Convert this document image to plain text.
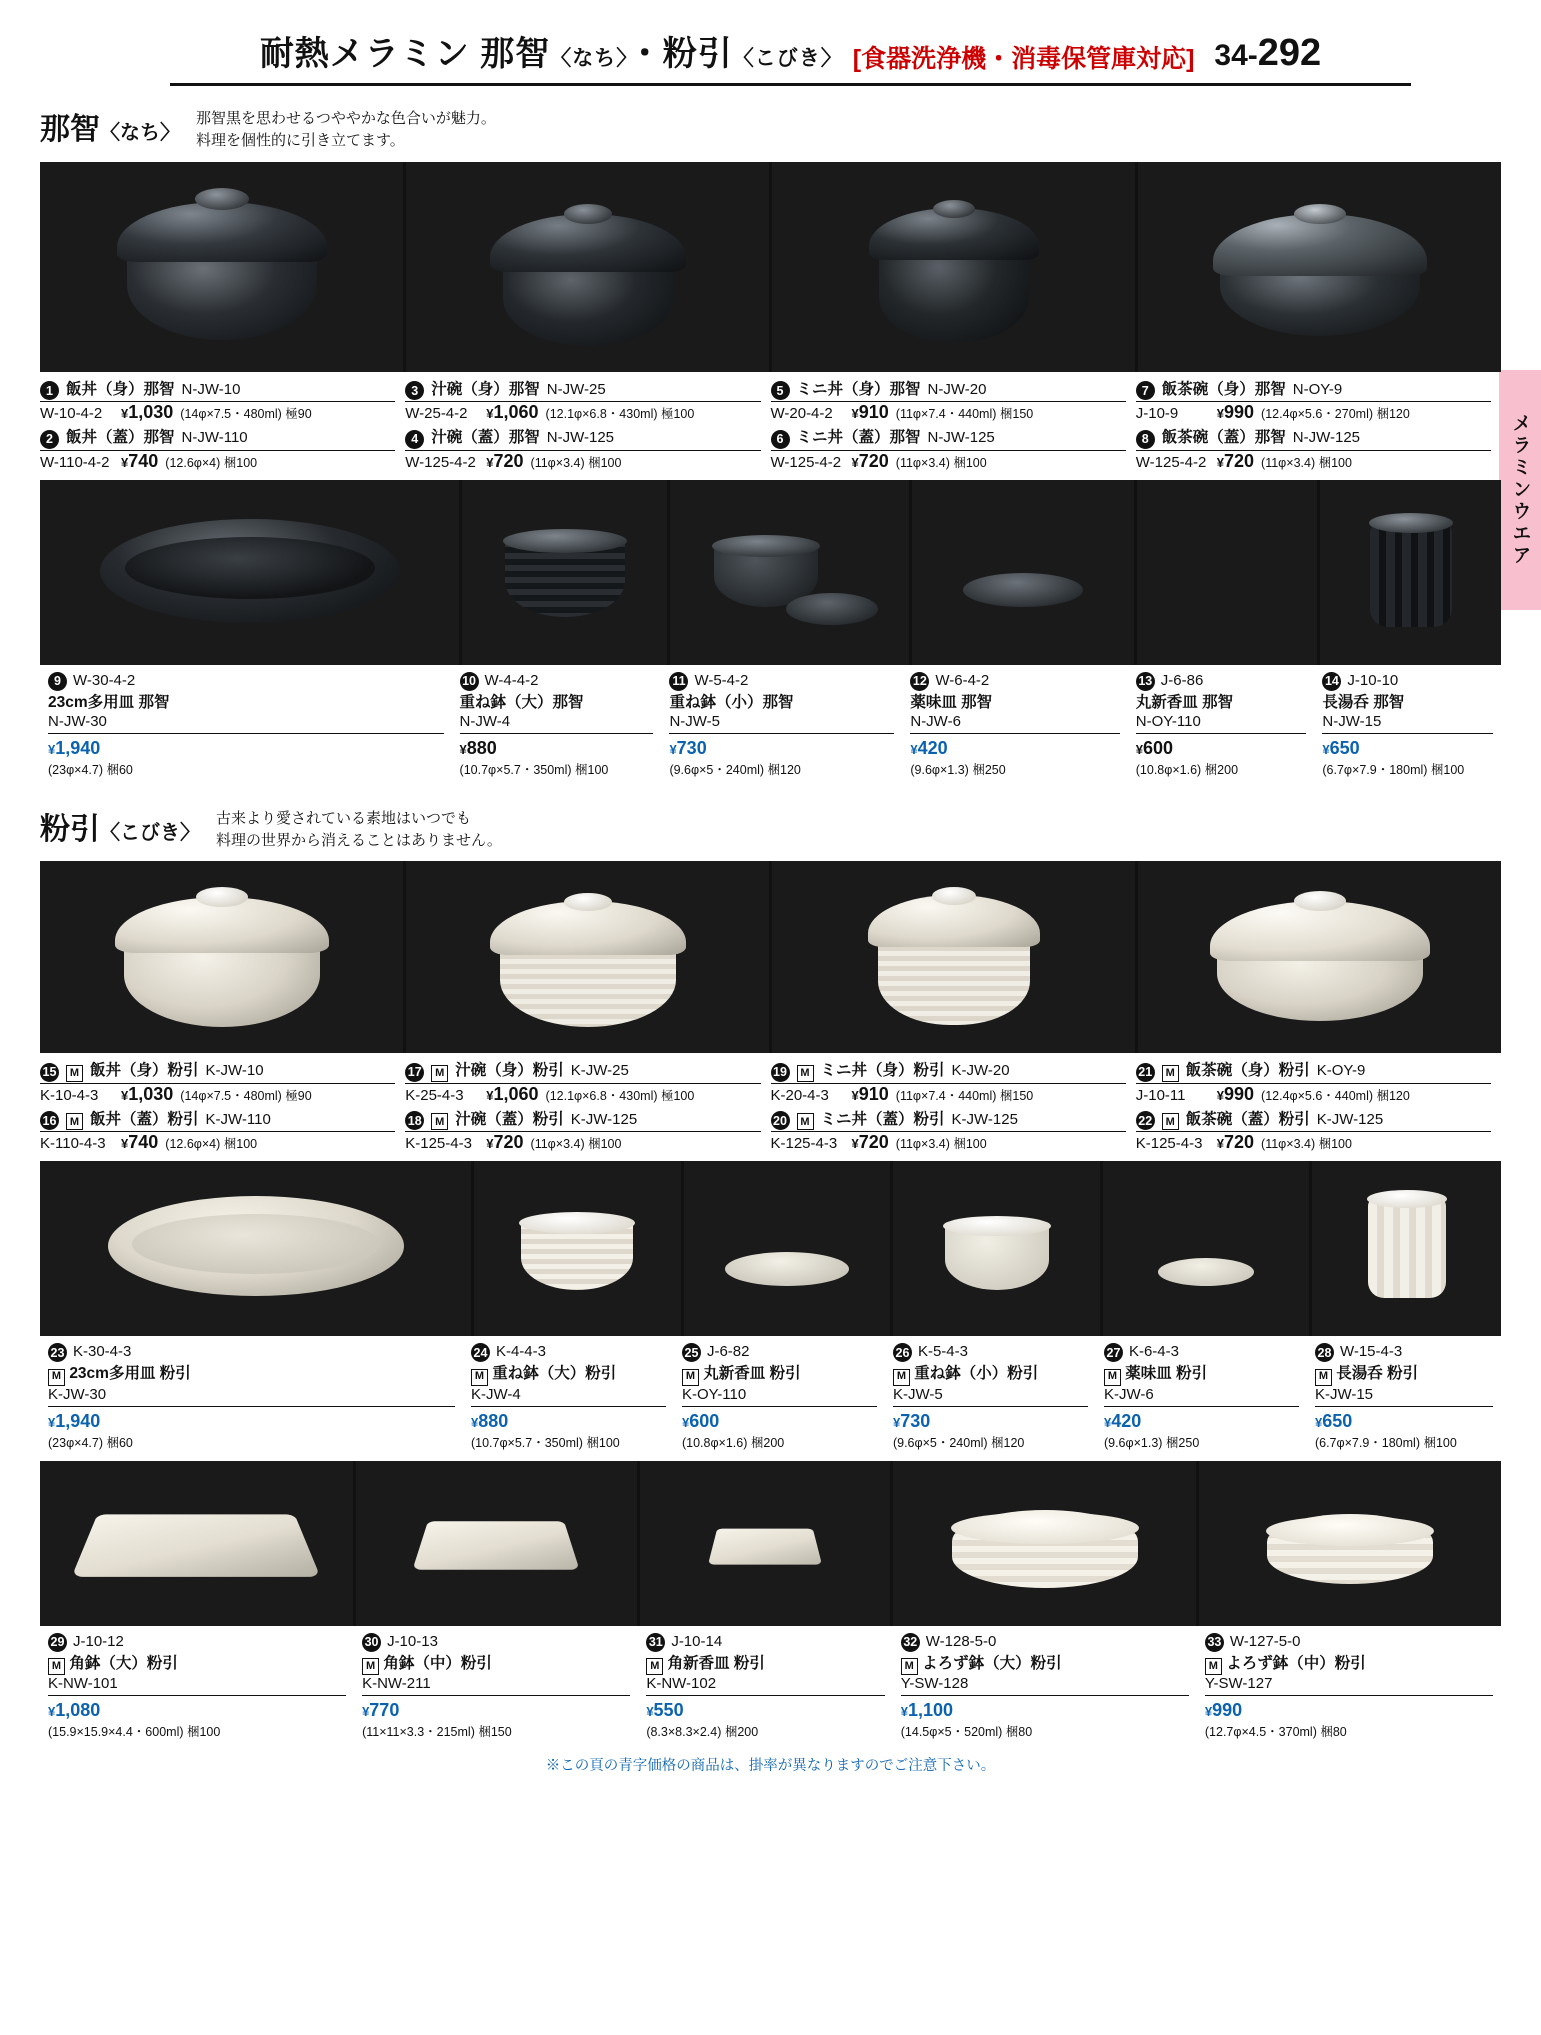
耐熱メラミン 那智〈なち〉・粉引〈こびき〉 [食器洗浄機・消毒保管庫対応] 34-292
メラミンウエア
那智〈なち〉
那智黒を思わせるつややかな色合いが魅力。
料理を個性的に引き立てます。
1 飯丼（身）那智 N-JW-10
W-10-4-2	¥1,030 (14φ×7.5・480ml) 極90
2 飯丼（蓋）那智 N-JW-110
W-110-4-2 ¥740 (12.6φ×4) 梱100
3 汁碗（身）那智 N-JW-25
W-25-4-2	¥1,060 (12.1φ×6.8・430ml) 極100
4 汁碗（蓋）那智 N-JW-125
W-125-4-2 ¥720 (11φ×3.4) 梱100
5 ミニ丼（身）那智 N-JW-20
W-20-4-2	¥910 (11φ×7.4・440ml) 梱150
6 ミニ丼（蓋）那智 N-JW-125
W-125-4-2 ¥720 (11φ×3.4) 梱100
7 飯茶碗（身）那智 N-OY-9
J-10-9	¥990 (12.4φ×5.6・270ml) 梱120
8 飯茶碗（蓋）那智 N-JW-125
W-125-4-2 ¥720 (11φ×3.4) 梱100
9 W-30-4-2
23cm多用皿 那智
N-JW-30
¥1,940
(23φ×4.7) 梱60
10 W-4-4-2
重ね鉢（大）那智
N-JW-4
¥880
(10.7φ×5.7・350ml) 梱100
11 W-5-4-2
重ね鉢（小）那智
N-JW-5
¥730
(9.6φ×5・240ml) 梱120
12 W-6-4-2
薬味皿 那智
N-JW-6
¥420
(9.6φ×1.3) 梱250
13 J-6-86
丸新香皿 那智
N-OY-110
¥600
(10.8φ×1.6) 梱200
14 J-10-10
長湯呑 那智
N-JW-15
¥650
(6.7φ×7.9・180ml) 梱100
粉引〈こびき〉
古来より愛されている素地はいつでも
料理の世界から消えることはありません。
15	M 飯丼（身）粉引 K-JW-10
K-10-4-3	¥1,030 (14φ×7.5・480ml) 極90
16	M 飯丼（蓋）粉引 K-JW-110
K-110-4-3	¥740 (12.6φ×4) 梱100
17	M 汁碗（身）粉引 K-JW-25
K-25-4-3	¥1,060 (12.1φ×6.8・430ml) 極100
18	M 汁碗（蓋）粉引 K-JW-125
K-125-4-3	¥720 (11φ×3.4) 梱100
19	M ミニ丼（身）粉引 K-JW-20
K-20-4-3	¥910 (11φ×7.4・440ml) 梱150
20	M ミニ丼（蓋）粉引 K-JW-125
K-125-4-3	¥720 (11φ×3.4) 梱100
21	M 飯茶碗（身）粉引 K-OY-9
J-10-11	¥990 (12.4φ×5.6・440ml) 梱120
22	M 飯茶碗（蓋）粉引 K-JW-125
K-125-4-3	¥720 (11φ×3.4) 梱100
23 K-30-4-3
M 23cm多用皿 粉引
K-JW-30
¥1,940
(23φ×4.7) 梱60
24 K-4-4-3
M 重ね鉢（大）粉引
K-JW-4
¥880
(10.7φ×5.7・350ml) 梱100
25 J-6-82
M 丸新香皿 粉引
K-OY-110
¥600
(10.8φ×1.6) 梱200
26 K-5-4-3
M 重ね鉢（小）粉引
K-JW-5
¥730
(9.6φ×5・240ml) 梱120
27 K-6-4-3
M 薬味皿 粉引
K-JW-6
¥420
(9.6φ×1.3) 梱250
28 W-15-4-3
M 長湯呑 粉引
K-JW-15
¥650
(6.7φ×7.9・180ml) 梱100
29 J-10-12
M 角鉢（大）粉引
K-NW-101
¥1,080
(15.9×15.9×4.4・600ml) 梱100
30 J-10-13
M 角鉢（中）粉引
K-NW-211
¥770
(11×11×3.3・215ml) 梱150
31 J-10-14
M 角新香皿 粉引
K-NW-102
¥550
(8.3×8.3×2.4) 梱200
32 W-128-5-0
M よろず鉢（大）粉引
Y-SW-128
¥1,100
(14.5φ×5・520ml) 梱80
33 W-127-5-0
M よろず鉢（中）粉引
Y-SW-127
¥990
(12.7φ×4.5・370ml) 梱80
※この頁の青字価格の商品は、掛率が異なりますのでご注意下さい。
